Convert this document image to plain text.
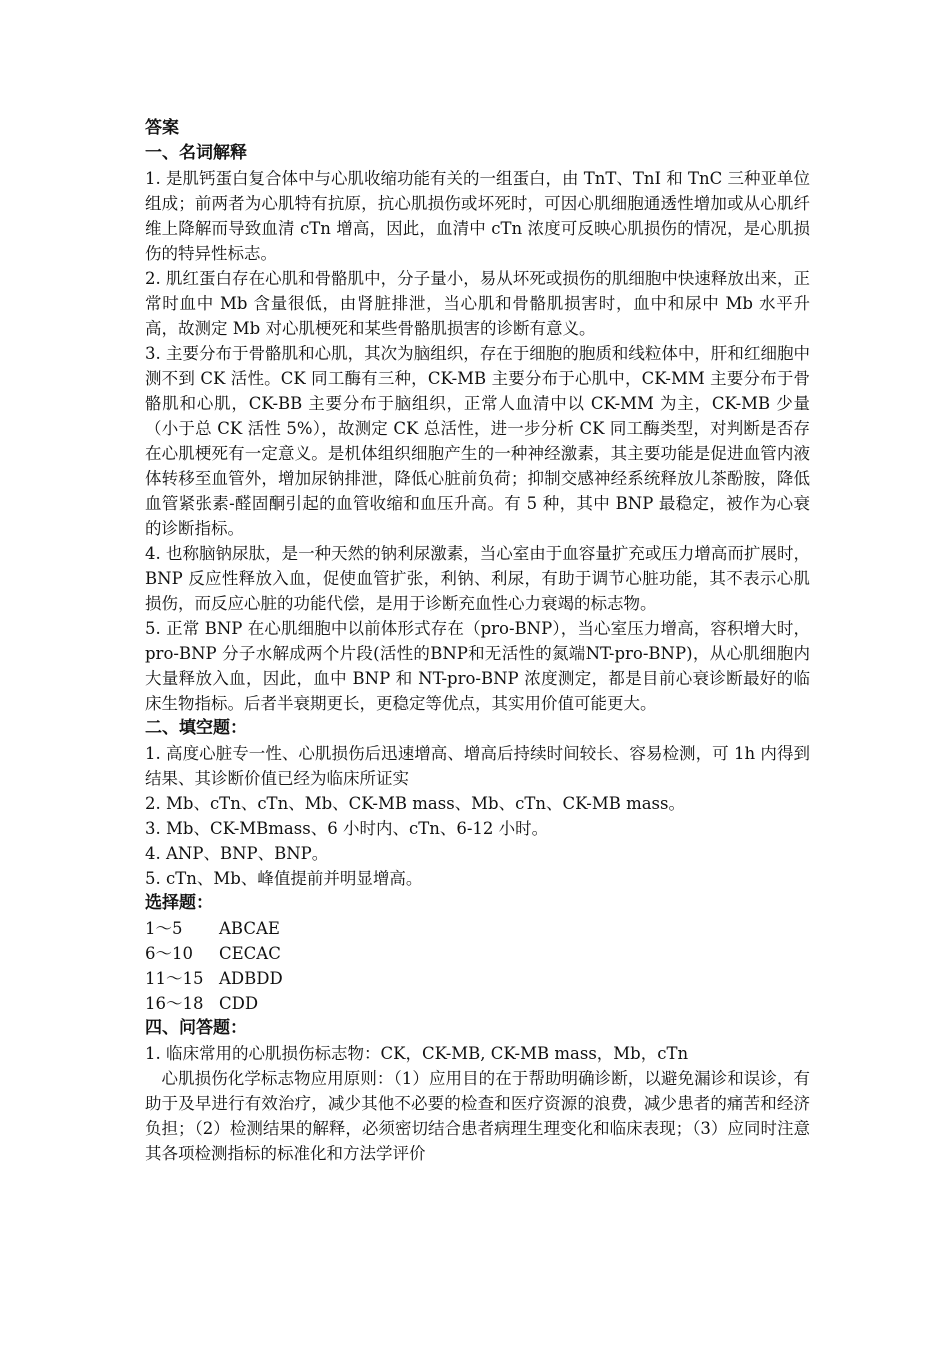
答案

一、名词解释

1. 是肌钙蛋白复合体中与心肌收缩功能有关的一组蛋白，由 TnT、TnI 和 TnC 三种亚单位组成；前两者为心肌特有抗原，抗心肌损伤或坏死时，可因心肌细胞通透性增加或从心肌纤维上降解而导致血清 cTn 增高，因此，血清中 cTn 浓度可反映心肌损伤的情况，是心肌损伤的特异性标志。

2. 肌红蛋白存在心肌和骨骼肌中，分子量小，易从坏死或损伤的肌细胞中快速释放出来，正常时血中 Mb 含量很低，由肾脏排泄，当心肌和骨骼肌损害时，血中和尿中 Mb 水平升高，故测定 Mb 对心肌梗死和某些骨骼肌损害的诊断有意义。

3. 主要分布于骨骼肌和心肌，其次为脑组织，存在于细胞的胞质和线粒体中，肝和红细胞中测不到 CK 活性。CK 同工酶有三种，CK-MB 主要分布于心肌中，CK-MM 主要分布于骨骼肌和心肌，CK-BB 主要分布于脑组织，正常人血清中以 CK-MM 为主，CK-MB 少量（小于总 CK 活性 5%），故测定 CK 总活性，进一步分析 CK 同工酶类型，对判断是否存在心肌梗死有一定意义。是机体组织细胞产生的一种神经激素，其主要功能是促进血管内液体转移至血管外，增加尿钠排泄，降低心脏前负荷；抑制交感神经系统释放儿茶酚胺，降低血管紧张素-醛固酮引起的血管收缩和血压升高。有 5 种，其中 BNP 最稳定，被作为心衰的诊断指标。

4. 也称脑钠尿肽，是一种天然的钠利尿激素，当心室由于血容量扩充或压力增高而扩展时，BNP 反应性释放入血，促使血管扩张，利钠、利尿，有助于调节心脏功能，其不表示心肌损伤，而反应心脏的功能代偿，是用于诊断充血性心力衰竭的标志物。

5. 正常 BNP 在心肌细胞中以前体形式存在（pro-BNP），当心室压力增高，容积增大时，pro-BNP 分子水解成两个片段(活性的BNP和无活性的氮端NT-pro-BNP)，从心肌细胞内大量释放入血，因此，血中 BNP 和 NT-pro-BNP 浓度测定，都是目前心衰诊断最好的临床生物指标。后者半衰期更长，更稳定等优点，其实用价值可能更大。

二、填空题：

1. 高度心脏专一性、心肌损伤后迅速增高、增高后持续时间较长、容易检测，可 1h 内得到结果、其诊断价值已经为临床所证实

2. Mb、cTn、cTn、Mb、CK-MB mass、Mb、cTn、CK-MB mass。

3. Mb、CK-MBmass、6 小时内、cTn、6-12 小时。

4. ANP、BNP、BNP。

5. cTn、Mb、峰值提前并明显增高。

选择题：

1～5	ABCAE
6～10	CECAC
11～15 ADBDD
16～18 CDD

四、问答题：

1. 临床常用的心肌损伤标志物：CK，CK-MB, CK-MB mass，Mb，cTn

心肌损伤化学标志物应用原则：（1）应用目的在于帮助明确诊断，以避免漏诊和误诊，有助于及早进行有效治疗，减少其他不必要的检查和医疗资源的浪费，减少患者的痛苦和经济负担；（2）检测结果的解释，必须密切结合患者病理生理变化和临床表现；（3）应同时注意其各项检测指标的标准化和方法学评价
